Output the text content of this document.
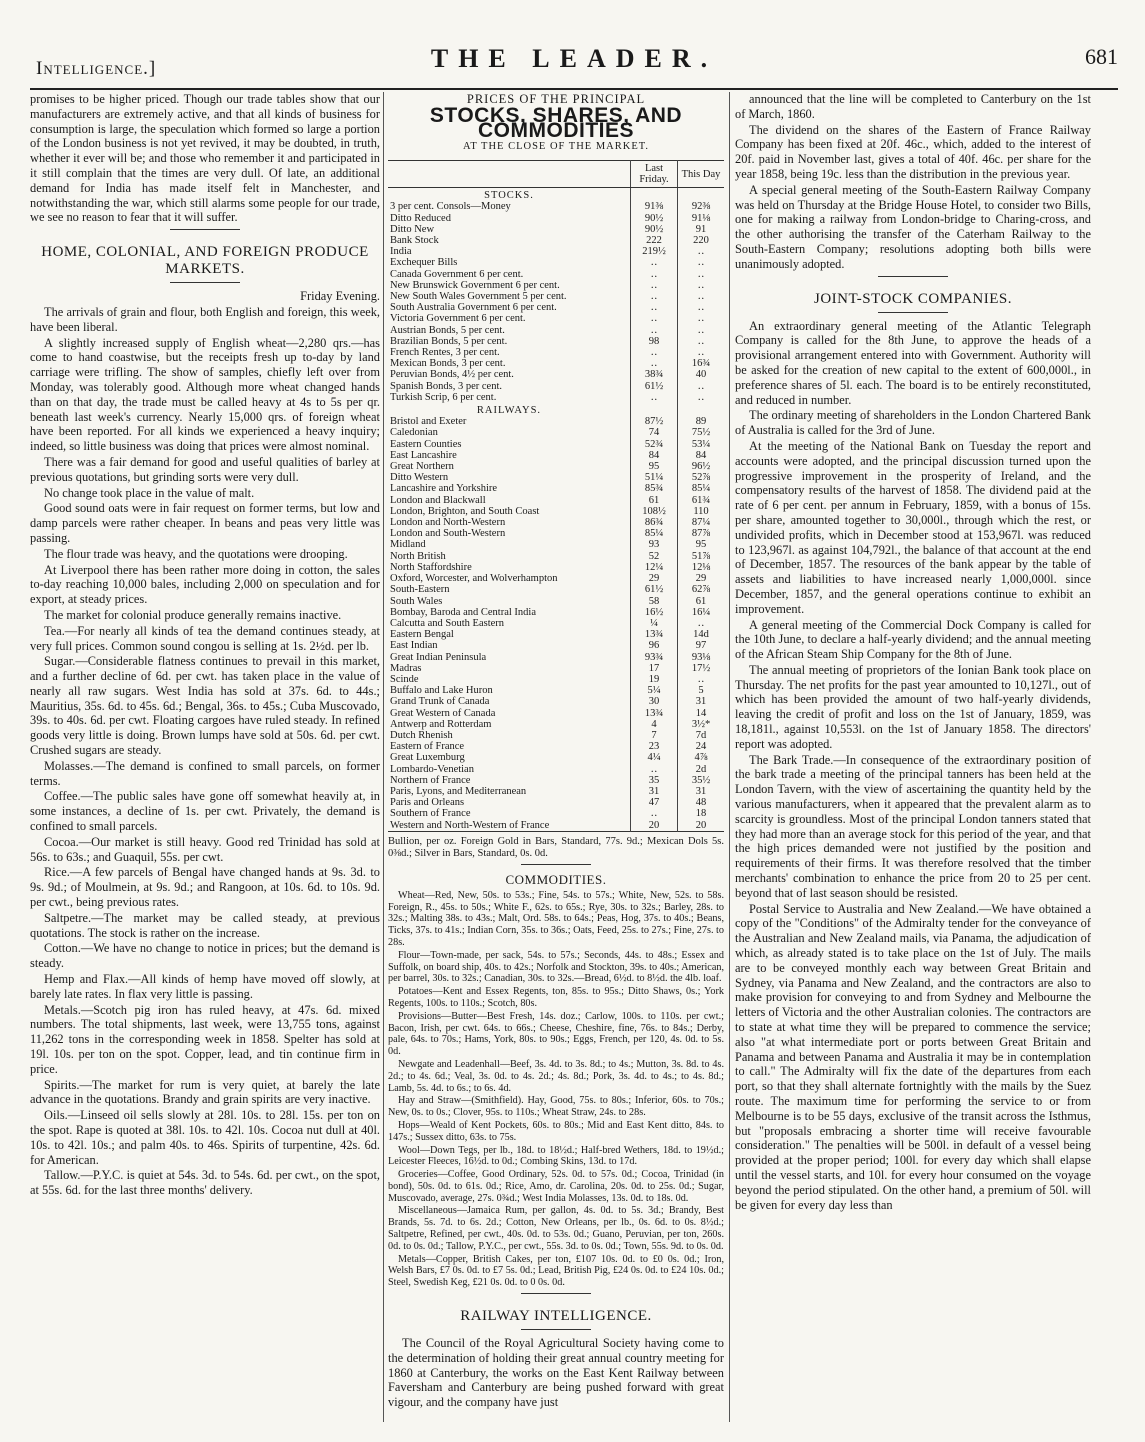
Intelligence.]	THE LEADER.	681

promises to be higher priced. Though our trade tables show that our manufacturers are extremely active, and that all kinds of business for consumption is large, the speculation which formed so large a portion of the London business is not yet revived, it may be doubted, in truth, whether it ever will be; and those who remember it and participated in it still complain that the times are very dull. Of late, an additional demand for India has made itself felt in Manchester, and notwithstanding the war, which still alarms some people for our trade, we see no reason to fear that it will suffer.

HOME, COLONIAL, AND FOREIGN PRODUCE MARKETS.

Friday Evening.

The arrivals of grain and flour, both English and foreign, this week, have been liberal.

A slightly increased supply of English wheat—2,280 qrs.—has come to hand coastwise, but the receipts fresh up to-day by land carriage were trifling. The show of samples, chiefly left over from Monday, was tolerably good. Although more wheat changed hands than on that day, the trade must be called heavy at 4s to 5s per qr. beneath last week's currency. Nearly 15,000 qrs. of foreign wheat have been reported. For all kinds we experienced a heavy inquiry; indeed, so little business was doing that prices were almost nominal.

There was a fair demand for good and useful qualities of barley at previous quotations, but grinding sorts were very dull.

No change took place in the value of malt.

Good sound oats were in fair request on former terms, but low and damp parcels were rather cheaper. In beans and peas very little was passing.

The flour trade was heavy, and the quotations were drooping.

At Liverpool there has been rather more doing in cotton, the sales to-day reaching 10,000 bales, including 2,000 on speculation and for export, at steady prices.

The market for colonial produce generally remains inactive.

Tea.—For nearly all kinds of tea the demand continues steady, at very full prices. Common sound congou is selling at 1s. 2½d. per lb.

Sugar.—Considerable flatness continues to prevail in this market, and a further decline of 6d. per cwt. has taken place in the value of nearly all raw sugars. West India has sold at 37s. 6d. to 44s.; Mauritius, 35s. 6d. to 45s. 6d.; Bengal, 36s. to 45s.; Cuba Muscovado, 39s. to 40s. 6d. per cwt. Floating cargoes have ruled steady. In refined goods very little is doing. Brown lumps have sold at 50s. 6d. per cwt. Crushed sugars are steady.

Molasses.—The demand is confined to small parcels, on former terms.

Coffee.—The public sales have gone off somewhat heavily at, in some instances, a decline of 1s. per cwt. Privately, the demand is confined to small parcels.

Cocoa.—Our market is still heavy. Good red Trinidad has sold at 56s. to 63s.; and Guaquil, 55s. per cwt.

Rice.—A few parcels of Bengal have changed hands at 9s. 3d. to 9s. 9d.; of Moulmein, at 9s. 9d.; and Rangoon, at 10s. 6d. to 10s. 9d. per cwt., being previous rates.

Saltpetre.—The market may be called steady, at previous quotations. The stock is rather on the increase.

Cotton.—We have no change to notice in prices; but the demand is steady.

Hemp and Flax.—All kinds of hemp have moved off slowly, at barely late rates. In flax very little is passing.

Metals.—Scotch pig iron has ruled heavy, at 47s. 6d. mixed numbers. The total shipments, last week, were 13,755 tons, against 11,262 tons in the corresponding week in 1858. Spelter has sold at 19l. 10s. per ton on the spot. Copper, lead, and tin continue firm in price.

Spirits.—The market for rum is very quiet, at barely the late advance in the quotations. Brandy and grain spirits are very inactive.

Oils.—Linseed oil sells slowly at 28l. 10s. to 28l. 15s. per ton on the spot. Rape is quoted at 38l. 10s. to 42l. 10s. Cocoa nut dull at 40l. 10s. to 42l. 10s.; and palm 40s. to 46s. Spirits of turpentine, 42s. 6d. for American.

Tallow.—P.Y.C. is quiet at 54s. 3d. to 54s. 6d. per cwt., on the spot, at 55s. 6d. for the last three months' delivery.

PRICES OF THE PRINCIPAL
STOCKS, SHARES, AND COMMODITIES
AT THE CLOSE OF THE MARKET.
	Last Friday.	This Day
STOCKS.		
3 per cent. Consols—Money	91⅜	92⅜
Ditto Reduced	90½	91⅛
Ditto New	90½	91
Bank Stock	222	220
India	219½	‥
Exchequer Bills	‥	‥
Canada Government 6 per cent.	‥	‥
New Brunswick Government 6 per cent.	‥	‥
New South Wales Government 5 per cent.	‥	‥
South Australia Government 6 per cent.	‥	‥
Victoria Government 6 per cent.	‥	‥
Austrian Bonds, 5 per cent.	‥	‥
Brazilian Bonds, 5 per cent.	98	‥
French Rentes, 3 per cent.	‥	‥
Mexican Bonds, 3 per cent.	‥	16¾
Peruvian Bonds, 4½ per cent.	38¾	40
Spanish Bonds, 3 per cent.	61½	‥
Turkish Scrip, 6 per cent.	‥	‥
RAILWAYS.		
Bristol and Exeter	87½	89
Caledonian	74	75½
Eastern Counties	52¾	53¼
East Lancashire	84	84
Great Northern	95	96½
Ditto Western	51¼	52⅞
Lancashire and Yorkshire	85¾	85¼
London and Blackwall	61	61¾
London, Brighton, and South Coast	108½	110
London and North-Western	86¾	87¼
London and South-Western	85¼	87⅞
Midland	93	95
North British	52	51⅞
North Staffordshire	12¼	12⅛
Oxford, Worcester, and Wolverhampton	29	29
South-Eastern	61½	62⅞
South Wales	58	61
Bombay, Baroda and Central India	16½	16¼
Calcutta and South Eastern	¼	‥
Eastern Bengal	13¾	14d
East Indian	96	97
Great Indian Peninsula	93¾	93⅛
Madras	17	17½
Scinde	19	‥
Buffalo and Lake Huron	5¼	5
Grand Trunk of Canada	30	31
Great Western of Canada	13¾	14
Antwerp and Rotterdam	4	3½*
Dutch Rhenish	7	7d
Eastern of France	23	24
Great Luxemburg	4¼	4⅞
Lombardo-Venetian	‥	2d
Northern of France	35	35½
Paris, Lyons, and Mediterranean	31	31
Paris and Orleans	47	48
Southern of France	‥	18
Western and North-Western of France	20	20
Bullion, per oz. Foreign Gold in Bars, Standard, 77s. 9d.; Mexican Dols 5s. 0⅜d.; Silver in Bars, Standard, 0s. 0d.
COMMODITIES.

Wheat—Red, New, 50s. to 53s.; Fine, 54s. to 57s.; White, New, 52s. to 58s. Foreign, R., 45s. to 50s.; White F., 62s. to 65s.; Rye, 30s. to 32s.; Barley, 28s. to 32s.; Malting 38s. to 43s.; Malt, Ord. 58s. to 64s.; Peas, Hog, 37s. to 40s.; Beans, Ticks, 37s. to 41s.; Indian Corn, 35s. to 36s.; Oats, Feed, 25s. to 27s.; Fine, 27s. to 28s.

Flour—Town-made, per sack, 54s. to 57s.; Seconds, 44s. to 48s.; Essex and Suffolk, on board ship, 40s. to 42s.; Norfolk and Stockton, 39s. to 40s.; American, per barrel, 30s. to 32s.; Canadian, 30s. to 32s.—Bread, 6½d. to 8½d. the 4lb. loaf.

Potatoes—Kent and Essex Regents, ton, 85s. to 95s.; Ditto Shaws, 0s.; York Regents, 100s. to 110s.; Scotch, 80s.

Provisions—Butter—Best Fresh, 14s. doz.; Carlow, 100s. to 110s. per cwt.; Bacon, Irish, per cwt. 64s. to 66s.; Cheese, Cheshire, fine, 76s. to 84s.; Derby, pale, 64s. to 70s.; Hams, York, 80s. to 90s.; Eggs, French, per 120, 4s. 0d. to 5s. 0d.

Newgate and Leadenhall—Beef, 3s. 4d. to 3s. 8d.; to 4s.; Mutton, 3s. 8d. to 4s. 2d.; to 4s. 6d.; Veal, 3s. 0d. to 4s. 2d.; 4s. 8d.; Pork, 3s. 4d. to 4s.; to 4s. 8d.; Lamb, 5s. 4d. to 6s.; to 6s. 4d.

Hay and Straw—(Smithfield). Hay, Good, 75s. to 80s.; Inferior, 60s. to 70s.; New, 0s. to 0s.; Clover, 95s. to 110s.; Wheat Straw, 24s. to 28s.

Hops—Weald of Kent Pockets, 60s. to 80s.; Mid and East Kent ditto, 84s. to 147s.; Sussex ditto, 63s. to 75s.

Wool—Down Tegs, per lb., 18d. to 18½d.; Half-bred Wethers, 18d. to 19½d.; Leicester Fleeces, 16½d. to 0d.; Combing Skins, 13d. to 17d.

Groceries—Coffee, Good Ordinary, 52s. 0d. to 57s. 0d.; Cocoa, Trinidad (in bond), 50s. 0d. to 61s. 0d.; Rice, Amo, dr. Carolina, 20s. 0d. to 25s. 0d.; Sugar, Muscovado, average, 27s. 0¾d.; West India Molasses, 13s. 0d. to 18s. 0d.

Miscellaneous—Jamaica Rum, per gallon, 4s. 0d. to 5s. 3d.; Brandy, Best Brands, 5s. 7d. to 6s. 2d.; Cotton, New Orleans, per lb., 0s. 6d. to 0s. 8½d.; Saltpetre, Refined, per cwt., 40s. 0d. to 53s. 0d.; Guano, Peruvian, per ton, 260s. 0d. to 0s. 0d.; Tallow, P.Y.C., per cwt., 55s. 3d. to 0s. 0d.; Town, 55s. 9d. to 0s. 0d.

Metals—Copper, British Cakes, per ton, £107 10s. 0d. to £0 0s. 0d.; Iron, Welsh Bars, £7 0s. 0d. to £7 5s. 0d.; Lead, British Pig, £24 0s. 0d. to £24 10s. 0d.; Steel, Swedish Keg, £21 0s. 0d. to 0 0s. 0d.

RAILWAY INTELLIGENCE.

The Council of the Royal Agricultural Society having come to the determination of holding their great annual country meeting for 1860 at Canterbury, the works on the East Kent Railway between Faversham and Canterbury are being pushed forward with great vigour, and the company have just

announced that the line will be completed to Canterbury on the 1st of March, 1860.

The dividend on the shares of the Eastern of France Railway Company has been fixed at 20f. 46c., which, added to the interest of 20f. paid in November last, gives a total of 40f. 46c. per share for the year 1858, being 19c. less than the distribution in the previous year.

A special general meeting of the South-Eastern Railway Company was held on Thursday at the Bridge House Hotel, to consider two Bills, one for making a railway from London-bridge to Charing-cross, and the other authorising the transfer of the Caterham Railway to the South-Eastern Company; resolutions adopting both bills were unanimously adopted.

JOINT-STOCK COMPANIES.

An extraordinary general meeting of the Atlantic Telegraph Company is called for the 8th June, to approve the heads of a provisional arrangement entered into with Government. Authority will be asked for the creation of new capital to the extent of 600,000l., in preference shares of 5l. each. The board is to be entirely reconstituted, and reduced in number.

The ordinary meeting of shareholders in the London Chartered Bank of Australia is called for the 3rd of June.

At the meeting of the National Bank on Tuesday the report and accounts were adopted, and the principal discussion turned upon the progressive improvement in the prosperity of Ireland, and the compensatory results of the harvest of 1858. The dividend paid at the rate of 6 per cent. per annum in February, 1859, with a bonus of 15s. per share, amounted together to 30,000l., through which the rest, or undivided profits, which in December stood at 153,967l. was reduced to 123,967l. as against 104,792l., the balance of that account at the end of December, 1857. The resources of the bank appear by the table of assets and liabilities to have increased nearly 1,000,000l. since December, 1857, and the general operations continue to exhibit an improvement.

A general meeting of the Commercial Dock Company is called for the 10th June, to declare a half-yearly dividend; and the annual meeting of the African Steam Ship Company for the 8th of June.

The annual meeting of proprietors of the Ionian Bank took place on Thursday. The net profits for the past year amounted to 10,127l., out of which has been provided the amount of two half-yearly dividends, leaving the credit of profit and loss on the 1st of January, 1859, was 18,181l., against 10,553l. on the 1st of January 1858. The directors' report was adopted.

The Bark Trade.—In consequence of the extraordinary position of the bark trade a meeting of the principal tanners has been held at the London Tavern, with the view of ascertaining the quantity held by the various manufacturers, when it appeared that the prevalent alarm as to scarcity is groundless. Most of the principal London tanners stated that they had more than an average stock for this period of the year, and that the high prices demanded were not justified by the position and requirements of their firms. It was therefore resolved that the timber merchants' combination to enhance the price from 20 to 25 per cent. beyond that of last season should be resisted.

Postal Service to Australia and New Zealand.—We have obtained a copy of the "Conditions" of the Admiralty tender for the conveyance of the Australian and New Zealand mails, via Panama, the adjudication of which, as already stated is to take place on the 1st of July. The mails are to be conveyed monthly each way between Great Britain and Sydney, via Panama and New Zealand, and the contractors are also to make provision for conveying to and from Sydney and Melbourne the letters of Victoria and the other Australian colonies. The contractors are to state at what time they will be prepared to commence the service; also "at what intermediate port or ports between Great Britain and Panama and between Panama and Australia it may be in contemplation to call." The Admiralty will fix the date of the departures from each port, so that they shall alternate fortnightly with the mails by the Suez route. The maximum time for performing the service to or from Melbourne is to be 55 days, exclusive of the transit across the Isthmus, but "proposals embracing a shorter time will receive favourable consideration." The penalties will be 500l. in default of a vessel being provided at the proper period; 100l. for every day which shall elapse until the vessel starts, and 10l. for every hour consumed on the voyage beyond the period stipulated. On the other hand, a premium of 50l. will be given for every day less than
